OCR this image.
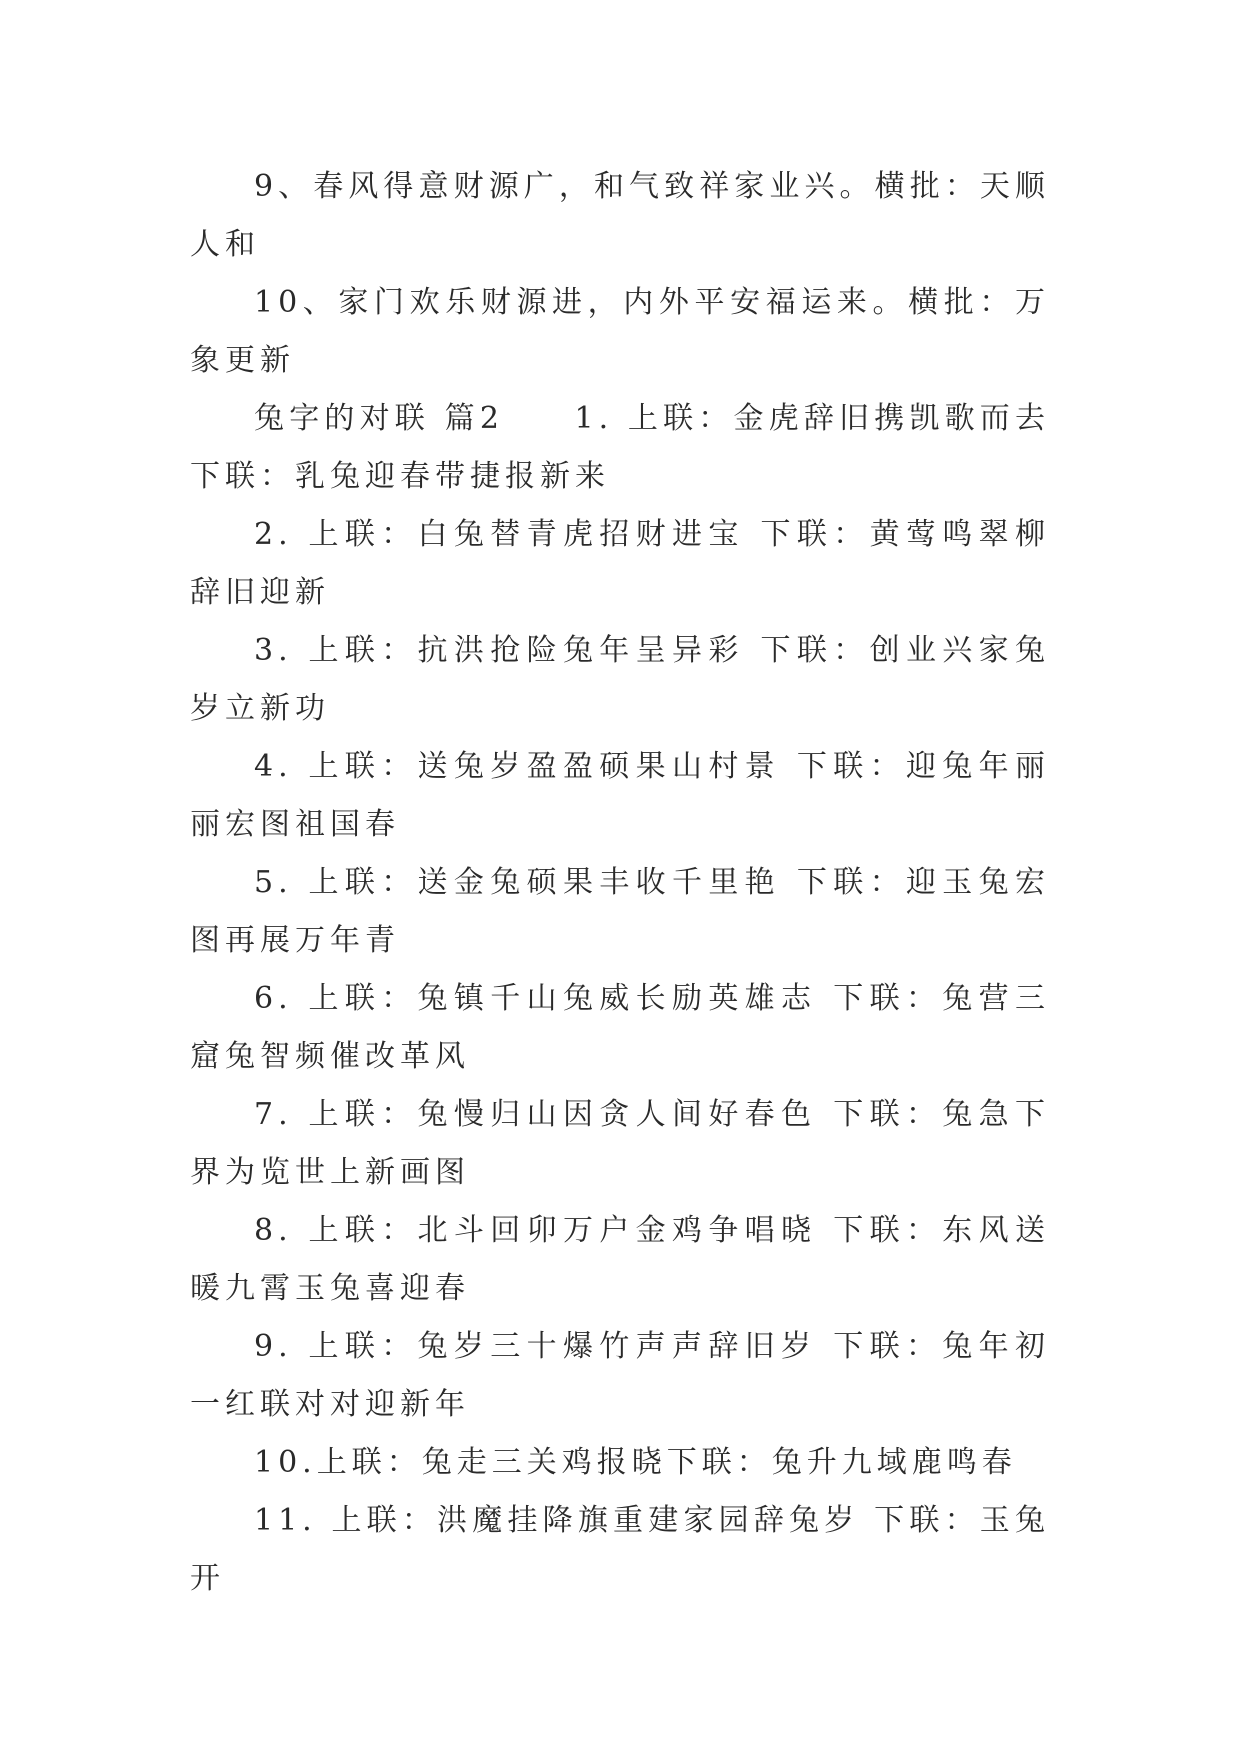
9、春风得意财源广，和气致祥家业兴。横批：天顺人和

10、家门欢乐财源进，内外平安福运来。横批：万象更新

兔字的对联 篇2　　1. 上联：金虎辞旧携凯歌而去 下联：乳兔迎春带捷报新来

2. 上联：白兔替青虎招财进宝 下联：黄莺鸣翠柳辞旧迎新

3. 上联：抗洪抢险兔年呈异彩 下联：创业兴家兔岁立新功

4. 上联：送兔岁盈盈硕果山村景 下联：迎兔年丽丽宏图祖国春

5. 上联：送金兔硕果丰收千里艳 下联：迎玉兔宏图再展万年青

6. 上联：兔镇千山兔威长励英雄志 下联：兔营三窟兔智频催改革风

7. 上联：兔慢归山因贪人间好春色 下联：兔急下界为览世上新画图

8. 上联：北斗回卯万户金鸡争唱晓 下联：东风送暖九霄玉兔喜迎春

9. 上联：兔岁三十爆竹声声辞旧岁 下联：兔年初一红联对对迎新年

10.上联：兔走三关鸡报晓下联：兔升九域鹿鸣春

11. 上联：洪魔挂降旗重建家园辞兔岁 下联：玉兔开
